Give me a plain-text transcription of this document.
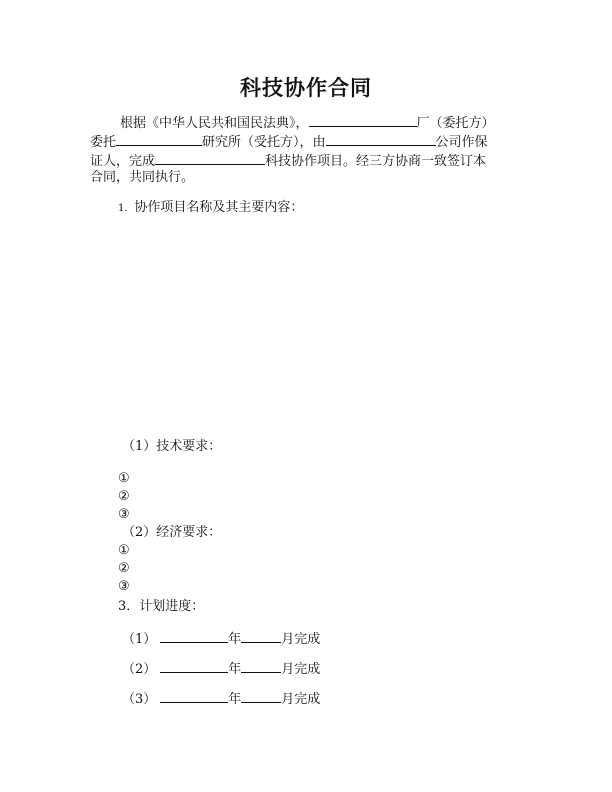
科技协作合同
根据《中华人民共和国民法典》，	厂（委托方）
委托	研究所（受托方），由	公司作保
证人，完成	科技协作项目。经三方协商一致签订本
合同，共同执行。
1．协作项目名称及其主要内容：
（1）技术要求：
①
②
③
（2）经济要求：
①
②
③
3．计划进度：
（1）	年	月完成
（2）	年	月完成
（3）	年	月完成
